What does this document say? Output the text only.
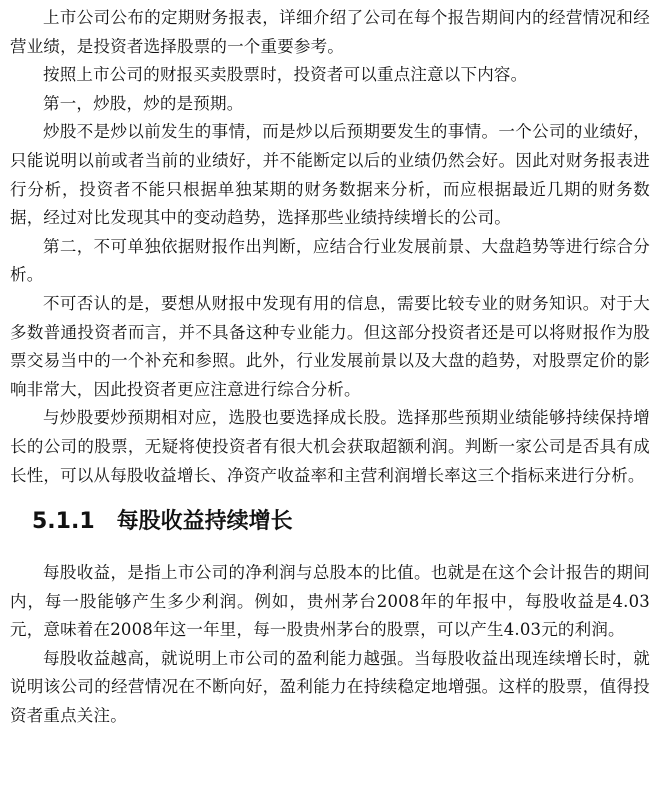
上市公司公布的定期财务报表，详细介绍了公司在每个报告期间内的经营情况和经营业绩，是投资者选择股票的一个重要参考。

按照上市公司的财报买卖股票时，投资者可以重点注意以下内容。

第一，炒股，炒的是预期。

炒股不是炒以前发生的事情，而是炒以后预期要发生的事情。一个公司的业绩好，只能说明以前或者当前的业绩好，并不能断定以后的业绩仍然会好。因此对财务报表进行分析，投资者不能只根据单独某期的财务数据来分析，而应根据最近几期的财务数据，经过对比发现其中的变动趋势，选择那些业绩持续增长的公司。

第二，不可单独依据财报作出判断，应结合行业发展前景、大盘趋势等进行综合分析。

不可否认的是，要想从财报中发现有用的信息，需要比较专业的财务知识。对于大多数普通投资者而言，并不具备这种专业能力。但这部分投资者还是可以将财报作为股票交易当中的一个补充和参照。此外，行业发展前景以及大盘的趋势，对股票定价的影响非常大，因此投资者更应注意进行综合分析。

与炒股要炒预期相对应，选股也要选择成长股。选择那些预期业绩能够持续保持增长的公司的股票，无疑将使投资者有很大机会获取超额利润。判断一家公司是否具有成长性，可以从每股收益增长、净资产收益率和主营利润增长率这三个指标来进行分析。

5.1.1 每股收益持续增长

每股收益，是指上市公司的净利润与总股本的比值。也就是在这个会计报告的期间内，每一股能够产生多少利润。例如，贵州茅台2008年的年报中，每股收益是4.03元，意味着在2008年这一年里，每一股贵州茅台的股票，可以产生4.03元的利润。

每股收益越高，就说明上市公司的盈利能力越强。当每股收益出现连续增长时，就说明该公司的经营情况在不断向好，盈利能力在持续稳定地增强。这样的股票，值得投资者重点关注。
